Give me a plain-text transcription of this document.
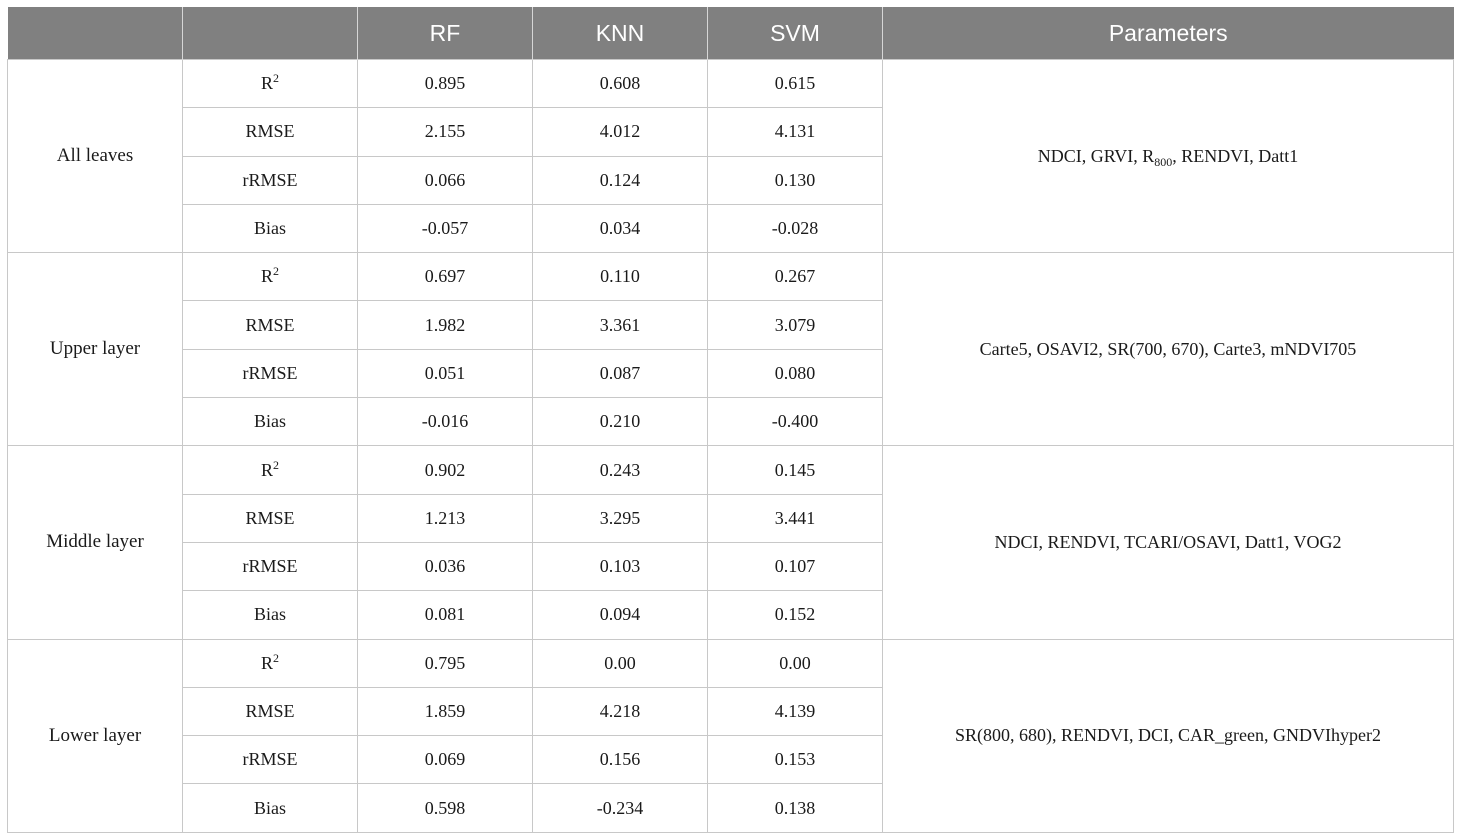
		RF	KNN	SVM	Parameters
All leaves	$R^2$	0.895	0.608	0.615	NDCI, GRVI, $R_{800}$, RENDVI, Datt1
	RMSE	2.155	4.012	4.131	
	rRMSE	0.066	0.124	0.130	
	Bias	-0.057	0.034	-0.028	
Upper layer	$R^2$	0.697	0.110	0.267	Carte5, OSAVI2, SR(700, 670), Carte3, mNDVI705
	RMSE	1.982	3.361	3.079	
	rRMSE	0.051	0.087	0.080	
	Bias	-0.016	0.210	-0.400	
Middle layer	$R^2$	0.902	0.243	0.145	NDCI, RENDVI, TCARI/OSAVI, Datt1, VOG2
	RMSE	1.213	3.295	3.441	
	rRMSE	0.036	0.103	0.107	
	Bias	0.081	0.094	0.152	
Lower layer	$R^2$	0.795	0.00	0.00	SR(800, 680), RENDVI, DCI, CAR_green, GNDVIhyper2
	RMSE	1.859	4.218	4.139	
	rRMSE	0.069	0.156	0.153	
	Bias	0.598	-0.234	0.138	
